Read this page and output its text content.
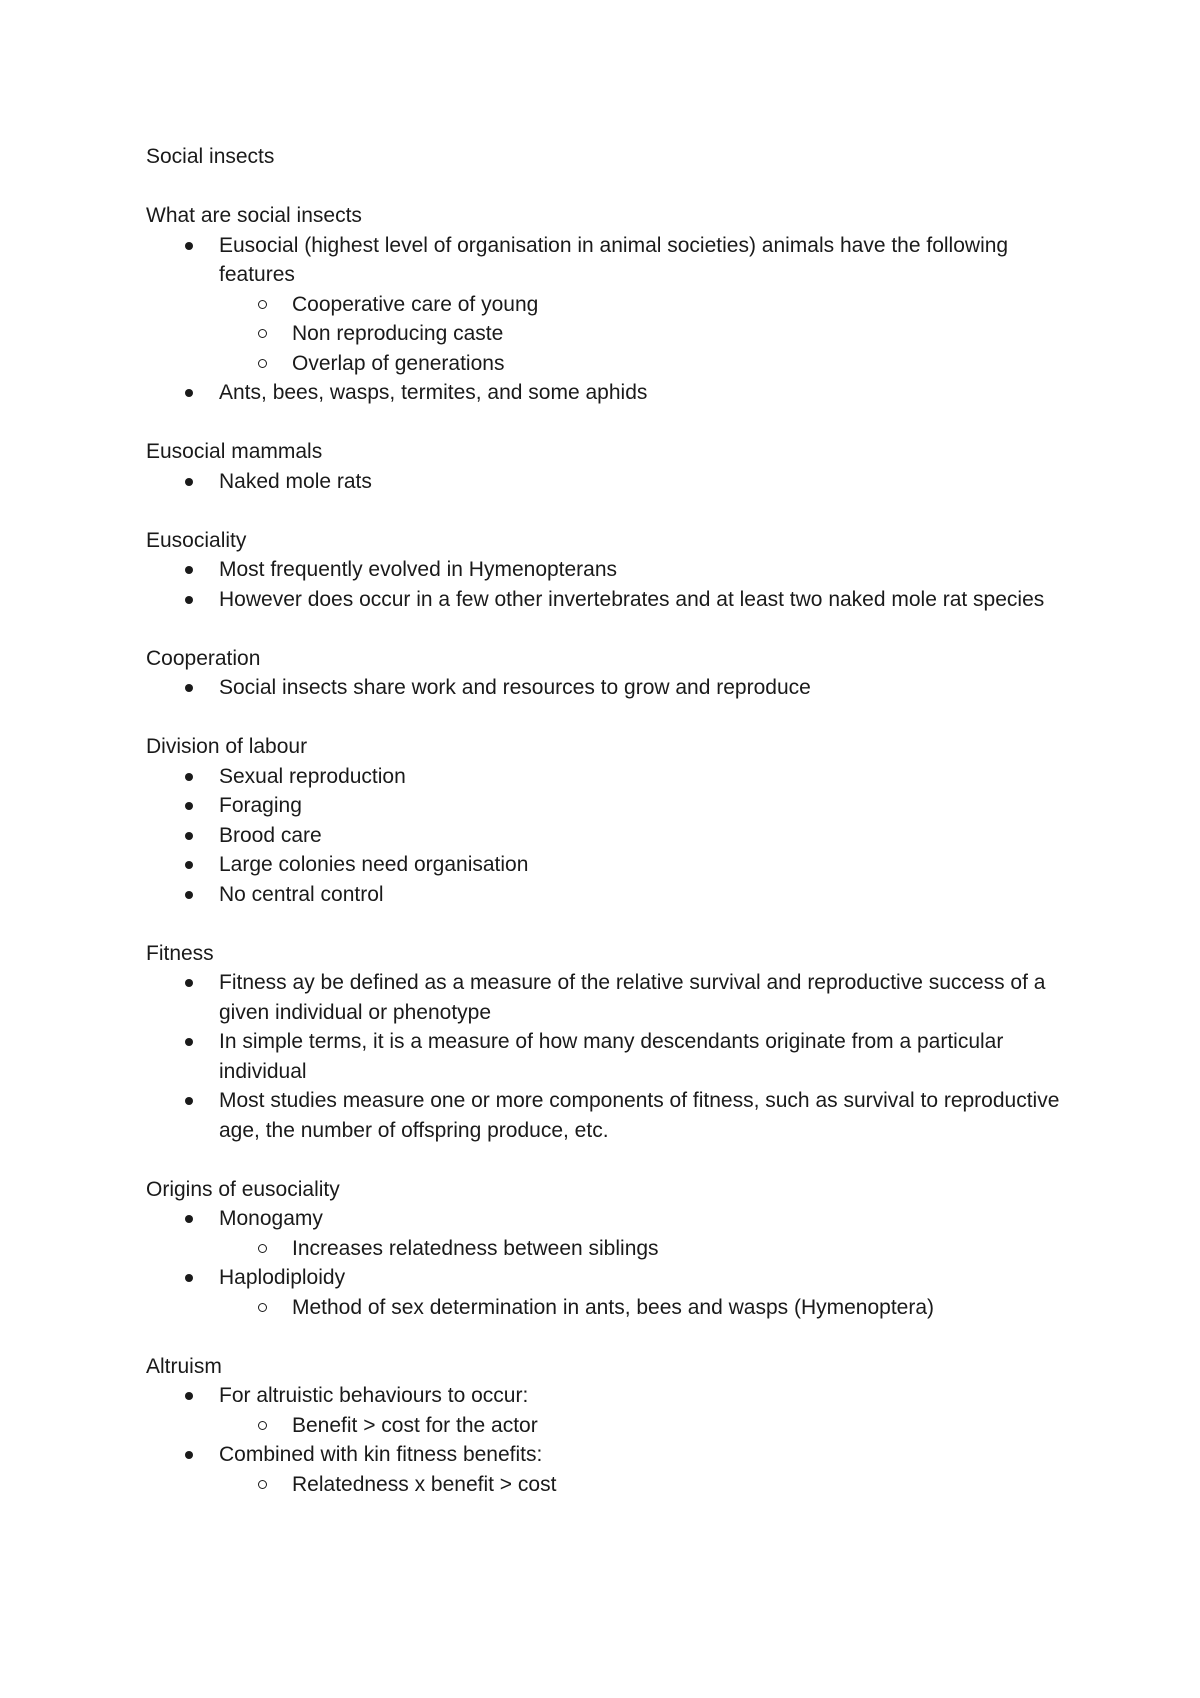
Social insects
What are social insects
Eusocial (highest level of organisation in animal societies) animals have the following features
Cooperative care of young
Non reproducing caste
Overlap of generations
Ants, bees, wasps, termites, and some aphids
Eusocial mammals
Naked mole rats
Eusociality
Most frequently evolved in Hymenopterans
However does occur in a few other invertebrates and at least two naked mole rat species
Cooperation
Social insects share work and resources to grow and reproduce
Division of labour
Sexual reproduction
Foraging
Brood care
Large colonies need organisation
No central control
Fitness
Fitness ay be defined as a measure of the relative survival and reproductive success of a given individual or phenotype
In simple terms, it is a measure of how many descendants originate from a particular individual
Most studies measure one or more components of fitness, such as survival to reproductive age, the number of offspring produce, etc.
Origins of eusociality
Monogamy
Increases relatedness between siblings
Haplodiploidy
Method of sex determination in ants, bees and wasps (Hymenoptera)
Altruism
For altruistic behaviours to occur:
Benefit > cost for the actor
Combined with kin fitness benefits:
Relatedness x benefit > cost
